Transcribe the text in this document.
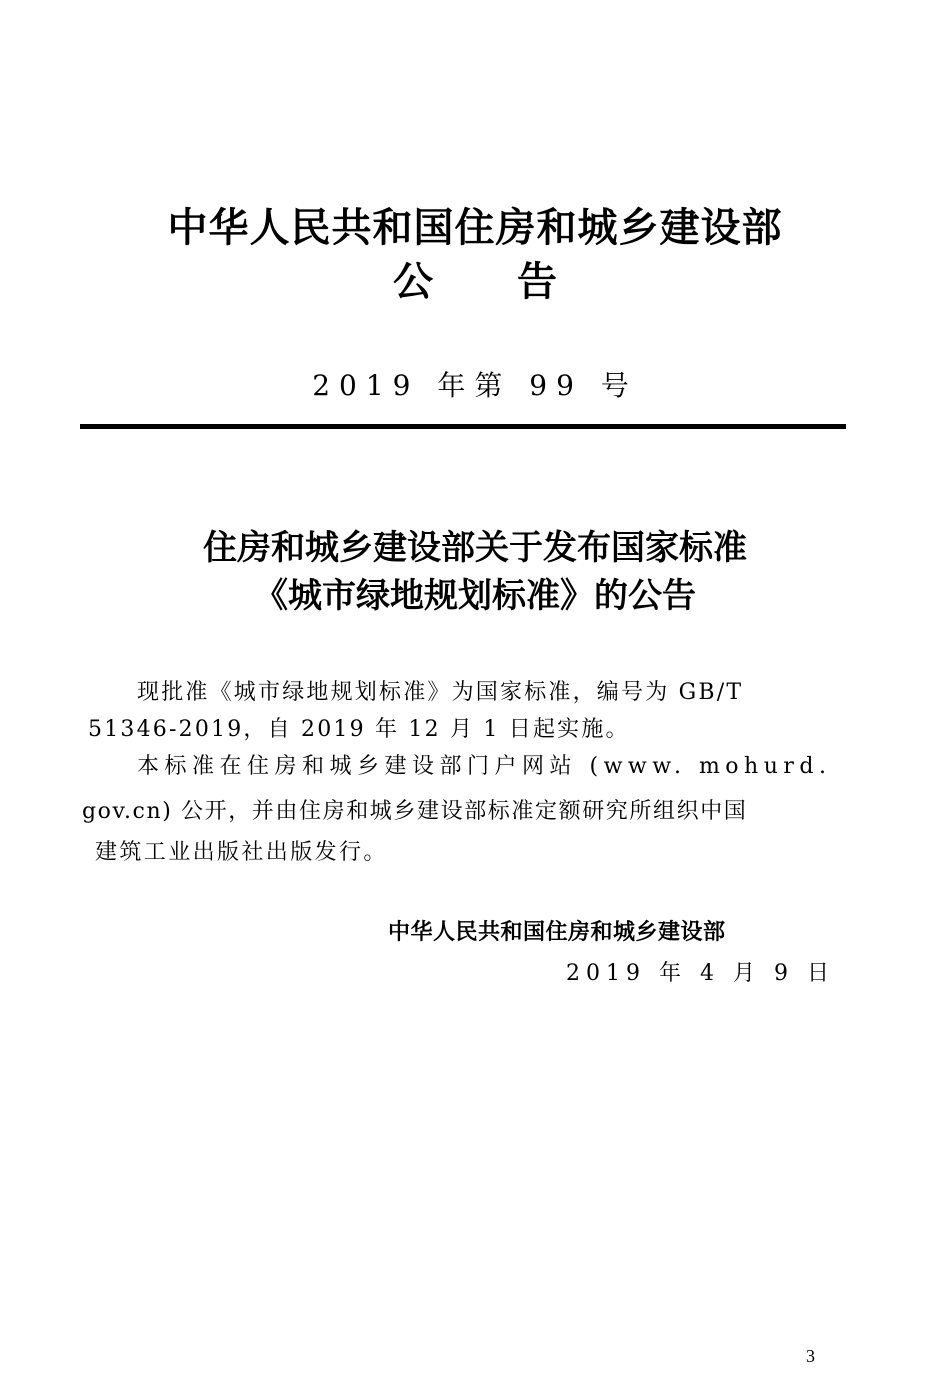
中华人民共和国住房和城乡建设部
公告
2019 年第 99 号
住房和城乡建设部关于发布国家标准
《城市绿地规划标准》的公告
现批准《城市绿地规划标准》为国家标准，编号为 GB/T
51346-2019，自 2019 年 12 月 1 日起实施。
本标准在住房和城乡建设部门户网站 (www. mohurd.
gov.cn) 公开，并由住房和城乡建设部标准定额研究所组织中国
建筑工业出版社出版发行。
中华人民共和国住房和城乡建设部
2019 年 4 月 9 日
3
